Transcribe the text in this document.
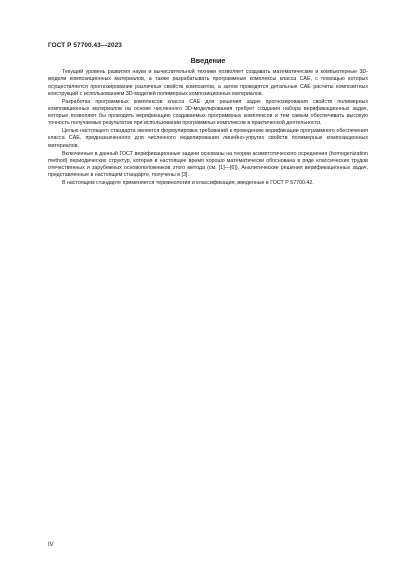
ГОСТ Р 57700.43—2023
Введение

Текущий уровень развития науки и вычислительной техники позволяет создавать математические и компьютерные 3D-модели композиционных материалов, а также разрабатывать программные комплексы класса CAE, с помощью которых осуществляется прогнозирование различных свойств композитов, а затем проводятся детальные CAE расчеты композитных конструкций с использованием 3D-моделей полимерных композиционных материалов.

Разработка программных комплексов класса CAE для решения задач прогнозирования свойств полимерных композиционных материалов на основе численного 3D-моделирования требует создания набора верификационных задач, которые позволяют бы проводить верификацию создаваемых программных комплексов и тем самым обеспечивать высокую точность получаемых результатов при использовании программных комплексов в практической деятельности.

Целью настоящего стандарта является формулировка требований к проведению верификации программного обеспечения класса CAE, предназначенного для численного моделирования линейно-упругих свойств полимерных композиционных материалов.

Включенные в данный ГОСТ верификационные задачи основаны на теории асимптотического осреднения (homogenization method) периодических структур, которая в настоящее время хорошо математически обоснована в ряде классических трудов отечественных и зарубежных основоположников этого метода (см. [1]—[6]). Аналитические решения верификационных задач, представленные в настоящем стандарте, получены в [3].

В настоящем стандарте применяется терминология и классификация, введенные в ГОСТ Р 57700.42.

IV
